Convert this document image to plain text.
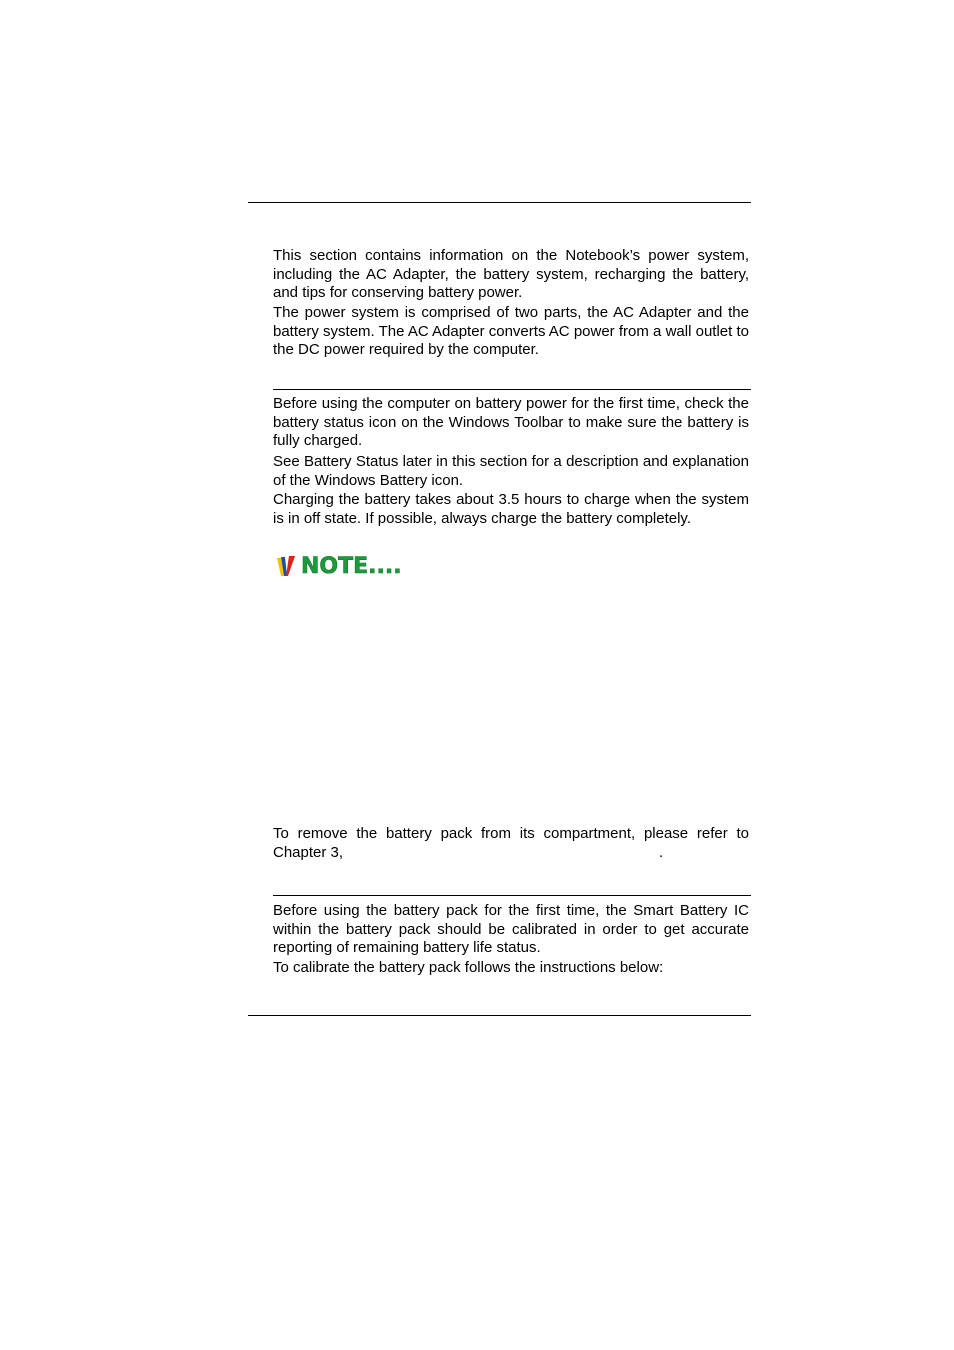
This section contains information on the Notebook’s power system, including the AC Adapter, the battery system, recharging the battery, and tips for conserving battery power.

The power system is comprised of two parts, the AC Adapter and the battery system. The AC Adapter converts AC power from a wall outlet to the DC power required by the computer.

Before using the computer on battery power for the first time, check the battery status icon on the Windows Toolbar to make sure the battery is fully charged.

See Battery Status later in this section for a description and explanation of the Windows Battery icon.

Charging the battery takes about 3.5 hours to charge when the system is in off state. If possible, always charge the battery completely.

NOTE....

To remove the battery pack from its compartment, please refer to Chapter 3,	.

Before using the battery pack for the first time, the Smart Battery IC within the battery pack should be calibrated in order to get accurate reporting of remaining battery life status.

To calibrate the battery pack follows the instructions below:
